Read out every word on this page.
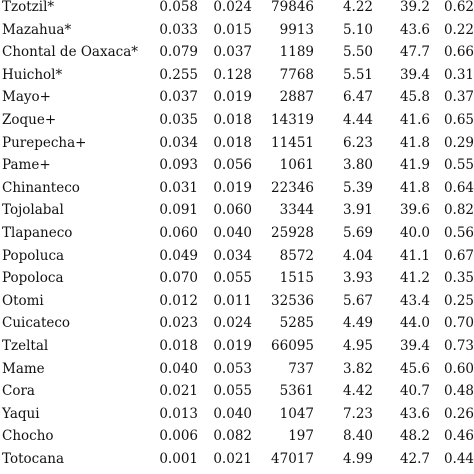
Tzotzil*	0.058	0.024	79846	4.22	39.2	0.62
Mazahua*	0.033	0.015	9913	5.10	43.6	0.22
Chontal de Oaxaca*	0.079	0.037	1189	5.50	47.7	0.66
Huichol*	0.255	0.128	7768	5.51	39.4	0.31
Mayo+	0.037	0.019	2887	6.47	45.8	0.37
Zoque+	0.035	0.018	14319	4.44	41.6	0.65
Purepecha+	0.034	0.018	11451	6.23	41.8	0.29
Pame+	0.093	0.056	1061	3.80	41.9	0.55
Chinanteco	0.031	0.019	22346	5.39	41.8	0.64
Tojolabal	0.091	0.060	3344	3.91	39.6	0.82
Tlapaneco	0.060	0.040	25928	5.69	40.0	0.56
Popoluca	0.049	0.034	8572	4.04	41.1	0.67
Popoloca	0.070	0.055	1515	3.93	41.2	0.35
Otomi	0.012	0.011	32536	5.67	43.4	0.25
Cuicateco	0.023	0.024	5285	4.49	44.0	0.70
Tzeltal	0.018	0.019	66095	4.95	39.4	0.73
Mame	0.040	0.053	737	3.82	45.6	0.60
Cora	0.021	0.055	5361	4.42	40.7	0.48
Yaqui	0.013	0.040	1047	7.23	43.6	0.26
Chocho	0.006	0.082	197	8.40	48.2	0.46
Totocana	0.001	0.021	47017	4.99	42.7	0.44
